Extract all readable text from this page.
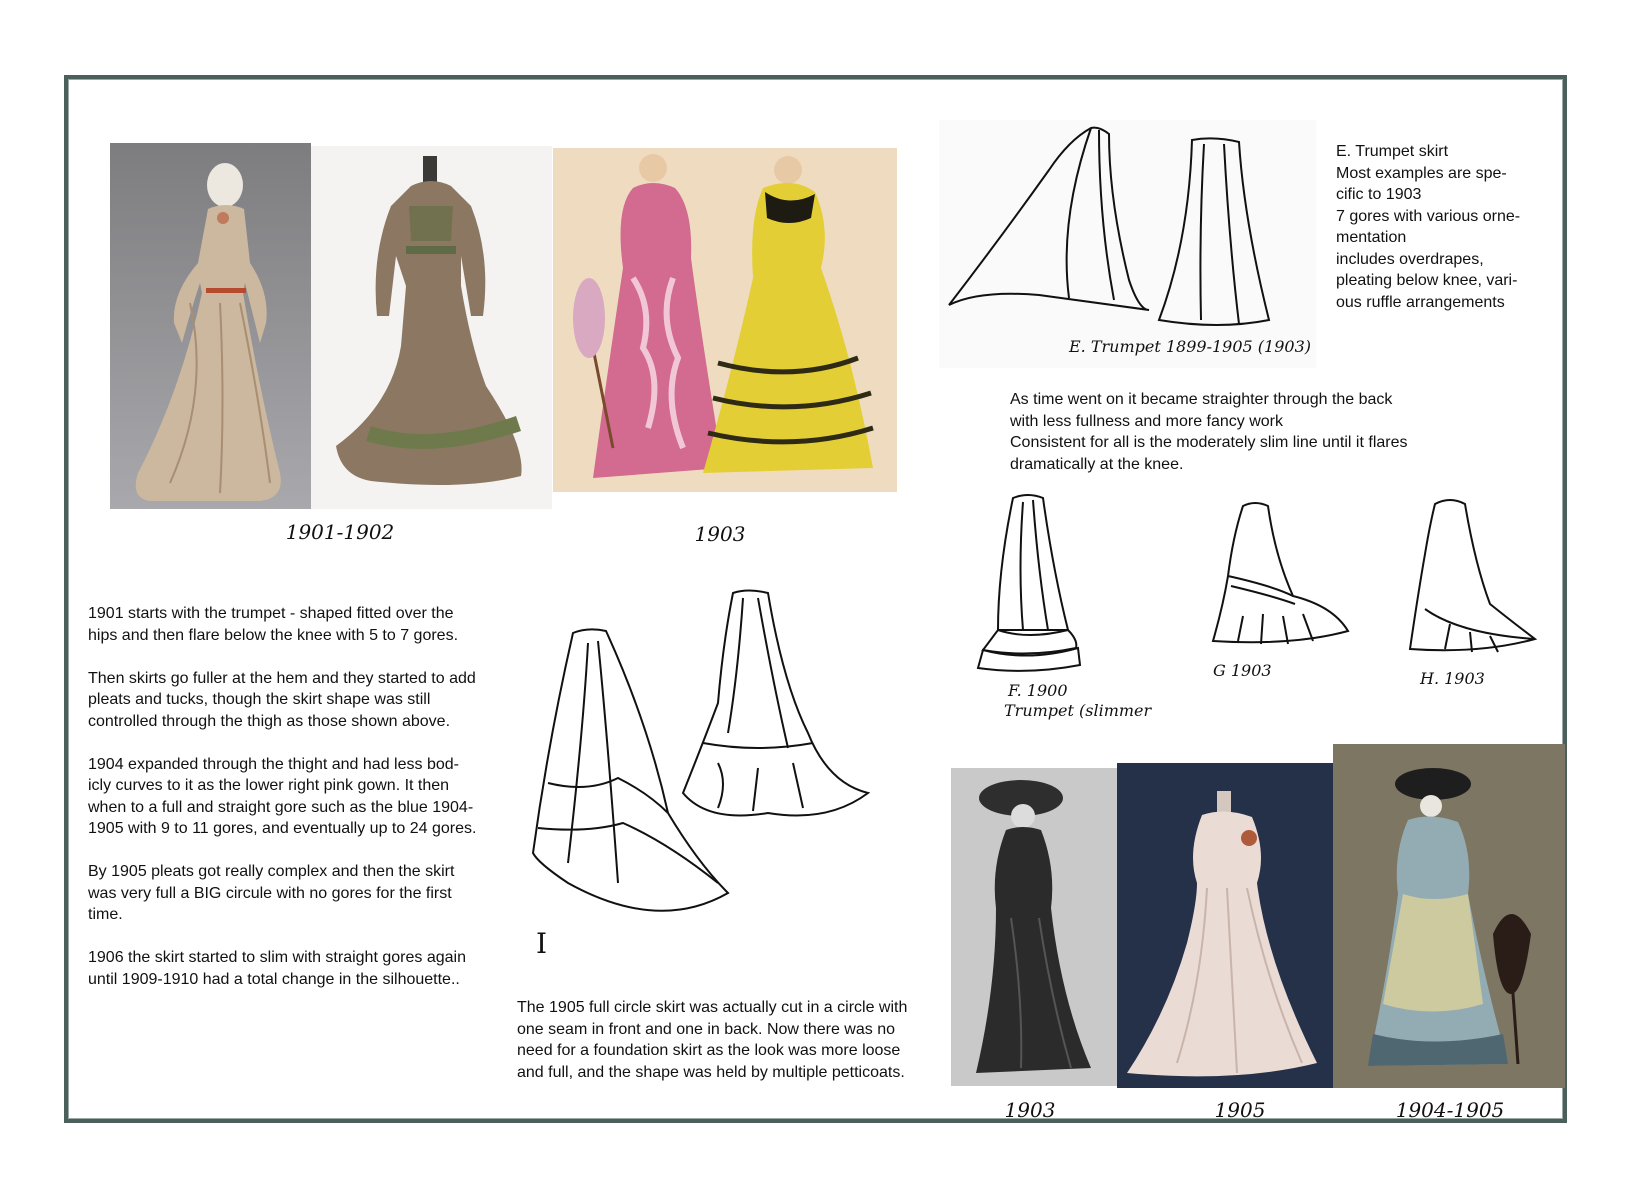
1901-1902	1903
E. Trumpet 1899-1905 (1903)
E. Trumpet skirt
Most examples are spe-
cific to 1903
7 gores with various orne-
mentation
includes overdrapes,
pleating below knee, vari-
ous ruffle arrangements
As time went on it became straighter through the back
with less fullness and more fancy work
Consistent for all is the moderately slim line until it flares
dramatically at the knee.
F. 1900
Trumpet (slimmer
G 1903	H. 1903

1901 starts with the trumpet - shaped fitted over the hips and then flare below the knee with 5 to 7 gores.

Then skirts go fuller at the hem and they started to add pleats and tucks, though the skirt shape was still controlled through the thigh as those shown above.

1904 expanded through the thight and had less bod-icly curves to it as the lower right pink gown. It then when to a full and straight gore such as the blue 1904-1905 with 9 to 11 gores, and eventually up to 24 gores.

By 1905 pleats got really complex and then the skirt was very full a BIG circule with no gores for the first time.

1906 the skirt started to slim with straight gores again until 1909-1910 had a total change in the silhouette..

I

The 1905 full circle skirt was actually cut in a circle with one seam in front and one in back. Now there was no need for a foundation skirt as the look was more loose and full, and the shape was held by multiple petticoats.

1903	1905	1904-1905
